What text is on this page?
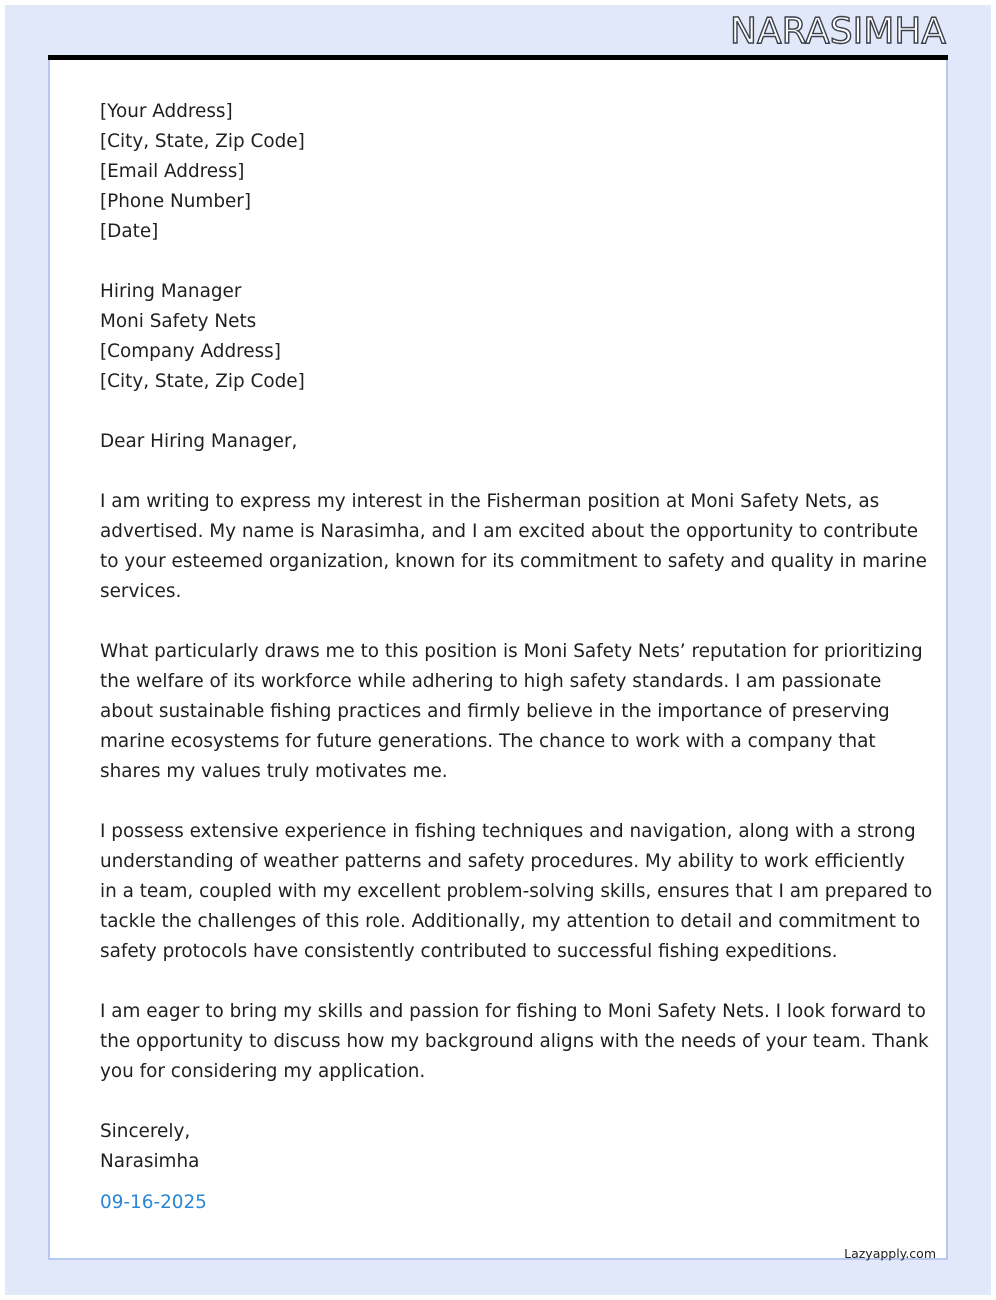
NARASIMHA
[Your Address]
[City, State, Zip Code]
[Email Address]
[Phone Number]
[Date]
Hiring Manager
Moni Safety Nets
[Company Address]
[City, State, Zip Code]
Dear Hiring Manager,
I am writing to express my interest in the Fisherman position at Moni Safety Nets, as
advertised. My name is Narasimha, and I am excited about the opportunity to contribute
to your esteemed organization, known for its commitment to safety and quality in marine
services.
What particularly draws me to this position is Moni Safety Nets’ reputation for prioritizing
the welfare of its workforce while adhering to high safety standards. I am passionate
about sustainable fishing practices and firmly believe in the importance of preserving
marine ecosystems for future generations. The chance to work with a company that
shares my values truly motivates me.
I possess extensive experience in fishing techniques and navigation, along with a strong
understanding of weather patterns and safety procedures. My ability to work efficiently
in a team, coupled with my excellent problem-solving skills, ensures that I am prepared to
tackle the challenges of this role. Additionally, my attention to detail and commitment to
safety protocols have consistently contributed to successful fishing expeditions.
I am eager to bring my skills and passion for fishing to Moni Safety Nets. I look forward to
the opportunity to discuss how my background aligns with the needs of your team. Thank
you for considering my application.
Sincerely,
Narasimha
09-16-2025
Lazyapply.com
